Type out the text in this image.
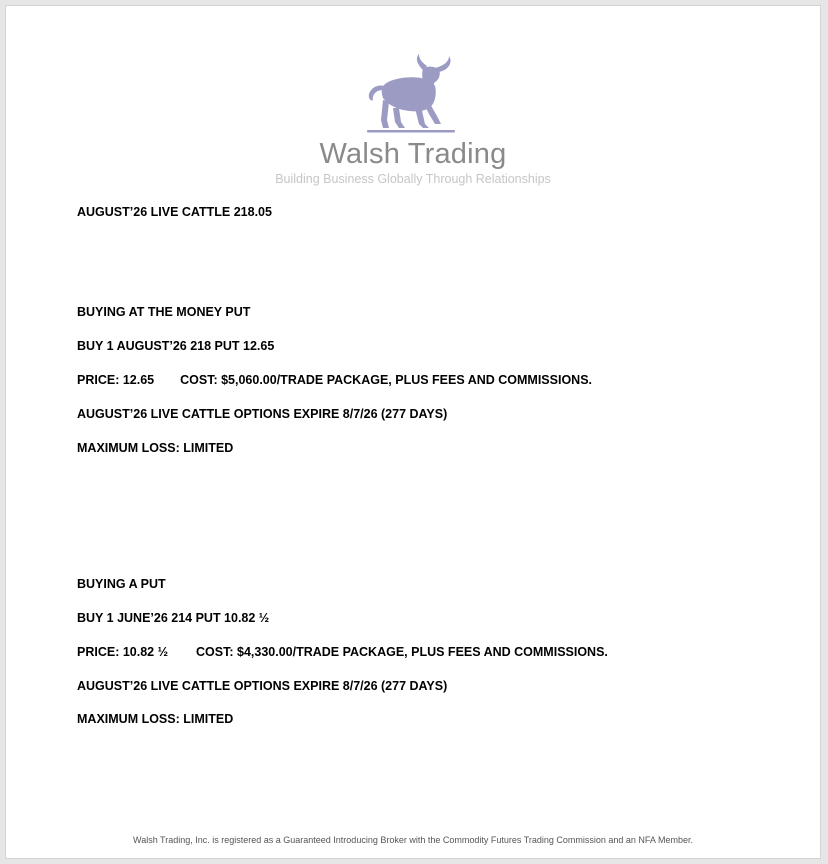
Walsh Trading
Building Business Globally Through Relationships
AUGUST’26 LIVE CATTLE 218.05
BUYING AT THE MONEY PUT
BUY 1 AUGUST’26 218 PUT 12.65
PRICE: 12.65 COST: $5,060.00/TRADE PACKAGE, PLUS FEES AND COMMISSIONS.
AUGUST’26 LIVE CATTLE OPTIONS EXPIRE 8/7/26 (277 DAYS)
MAXIMUM LOSS: LIMITED
BUYING A PUT
BUY 1 JUNE’26 214 PUT 10.82 ½
PRICE: 10.82 ½ COST: $4,330.00/TRADE PACKAGE, PLUS FEES AND COMMISSIONS.
AUGUST’26 LIVE CATTLE OPTIONS EXPIRE 8/7/26 (277 DAYS)
MAXIMUM LOSS: LIMITED
Walsh Trading, Inc. is registered as a Guaranteed Introducing Broker with the Commodity Futures Trading Commission and an NFA Member.
